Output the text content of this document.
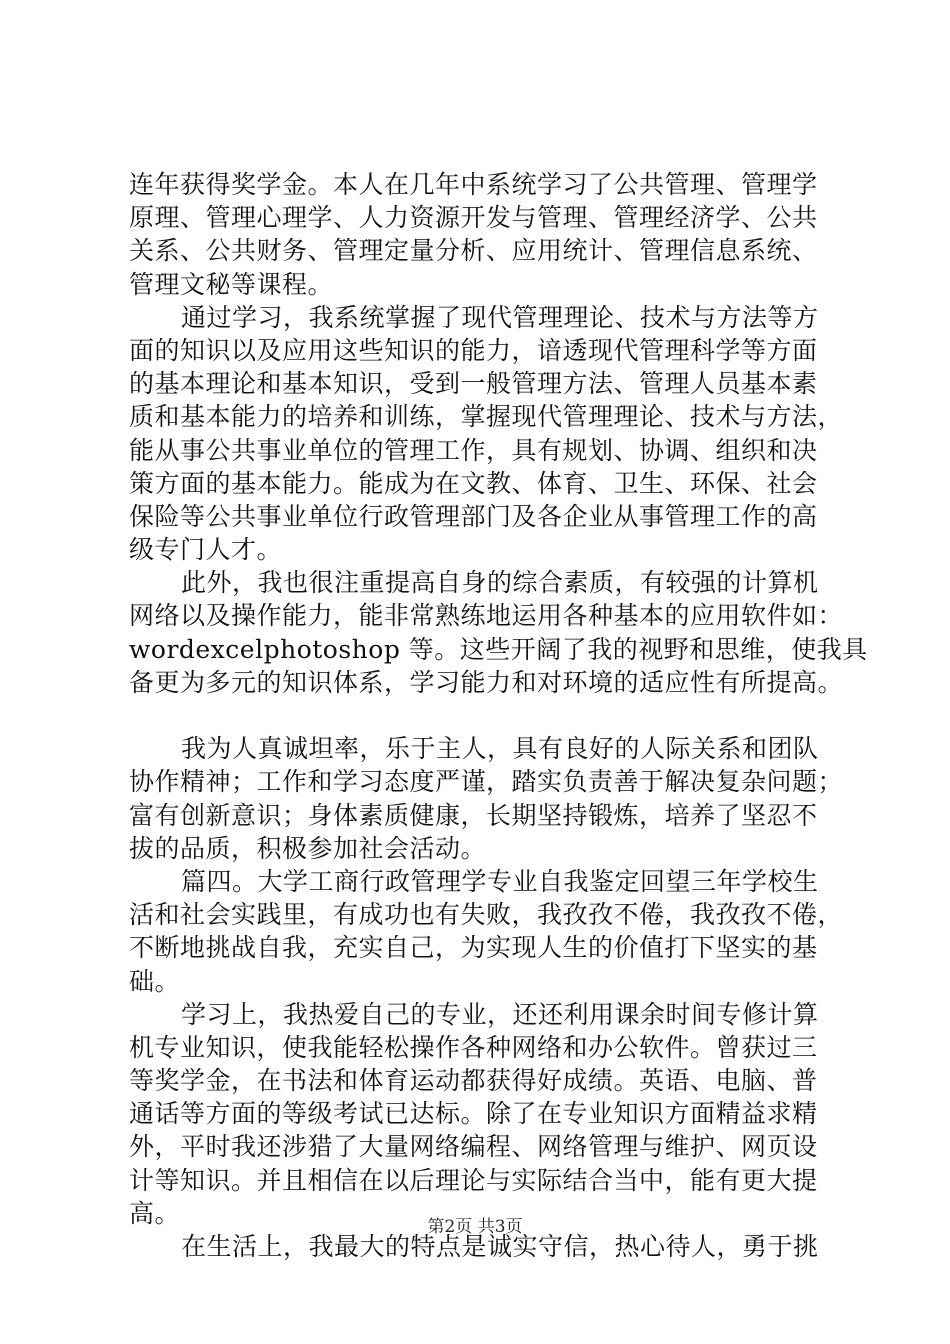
连年获得奖学金。本人在几年中系统学习了公共管理、管理学
原理、管理心理学、人力资源开发与管理、管理经济学、公共
关系、公共财务、管理定量分析、应用统计、管理信息系统、
管理文秘等课程。
通过学习，我系统掌握了现代管理理论、技术与方法等方
面的知识以及应用这些知识的能力，谙透现代管理科学等方面
的基本理论和基本知识，受到一般管理方法、管理人员基本素
质和基本能力的培养和训练，掌握现代管理理论、技术与方法，
能从事公共事业单位的管理工作，具有规划、协调、组织和决
策方面的基本能力。能成为在文教、体育、卫生、环保、社会
保险等公共事业单位行政管理部门及各企业从事管理工作的高
级专门人才。
此外，我也很注重提高自身的综合素质，有较强的计算机
网络以及操作能力，能非常熟练地运用各种基本的应用软件如：
wordexcelphotoshop 等。这些开阔了我的视野和思维，使我具
备更为多元的知识体系，学习能力和对环境的适应性有所提高。
我为人真诚坦率，乐于主人，具有良好的人际关系和团队
协作精神；工作和学习态度严谨，踏实负责善于解决复杂问题；
富有创新意识；身体素质健康，长期坚持锻炼，培养了坚忍不
拔的品质，积极参加社会活动。
篇四。大学工商行政管理学专业自我鉴定回望三年学校生
活和社会实践里，有成功也有失败，我孜孜不倦，我孜孜不倦，
不断地挑战自我，充实自己，为实现人生的价值打下坚实的基
础。
学习上，我热爱自己的专业，还还利用课余时间专修计算
机专业知识，使我能轻松操作各种网络和办公软件。曾获过三
等奖学金，在书法和体育运动都获得好成绩。英语、电脑、普
通话等方面的等级考试已达标。除了在专业知识方面精益求精
外，平时我还涉猎了大量网络编程、网络管理与维护、网页设
计等知识。并且相信在以后理论与实际结合当中，能有更大提
高。
在生活上，我最大的特点是诚实守信，热心待人，勇于挑
第2页 共3页
